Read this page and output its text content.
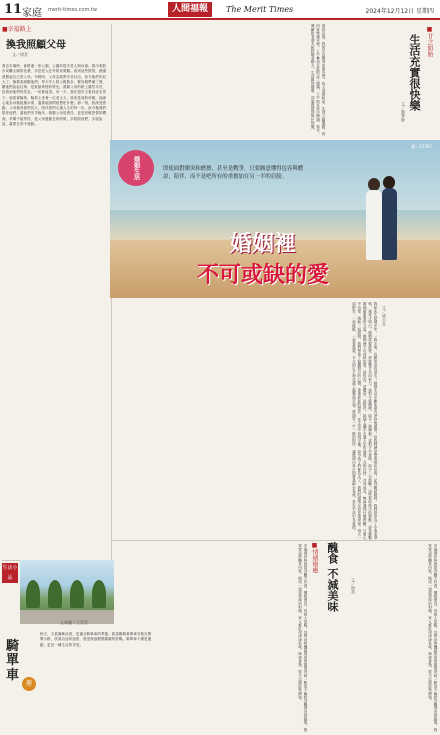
11 家庭 merit-times.com.tw	人間福報	The Merit Times	2024年12月12日 星期四
■幸福路上
換我照顧父母
文／徐美
我去市場時，會路過一家公園，公園有很多老人與孩童。推出來散步或曬太陽的長輩，多是老人在旁陪伴照顧。看到這些情景，總讓我想起自己的父母。年輕時，父母為我們辛苦付出，如今他們年紀大了，換我來照顧他們。每天早上陪父親散步，幫母親準備三餐，聽他們說起往事，是我最珍惜的時光。照顧父母的路上雖然辛苦，但看到他們的笑容，一切都值得。有一天，我在超市又看到這名男子，他推著輪椅，輪椅上坐著一位老太太，原來是他的母親。他細心地為母親挑選水果，溫柔地詢問她想吃什麼。那一刻，我深受感動。父母養育我們長大，陪伴我們走過人生的每一步，而今換我們陪伴他們，讓他們安享晚年。照顧父母是責任，更是回報恩情的機會。孝順不能等待，趁父母還健在的時候，多陪陪他們，多說說話，讓愛在家中流動。
■甘之如飴
生活充實很快樂
文／劉華修
退休以後，我的生活變得更加充實。每天清晨起床，先到公園運動，再回家準備早餐。上午參加社區的志工服務，下午則在家中閱讀、寫字，偶爾和老朋友相約喝茶聊天。生活雖然簡單，卻讓我感到無比快樂。
圖／123RF
婚姻生活	即使面對衝突和磨擦，甚至是戰爭，只要願意懂得包容與體諒，陪伴、而不是吧所有的重擔加在另一半的肩膀。
婚姻裡
不可或缺的愛
我和先生結婚多年，一路走來，有歡笑也有淚水。婚姻生活中難免會有爭吵與磨擦，但我們總是學著彼此包容。記得剛結婚時，我們常常為了小事而爭執，後來才明白，婚姻需要經營，需要雙方共同努力。當對方疲憊時，給予一個擁抱；當對方失意時，給予一句鼓勵。這些看似微小的舉動，卻是維繫婚姻最重要的力量。婚姻裡不可或缺的愛，是包容、是體諒、是陪伴。兩個人攜手走過人生的風雨，互相扶持，共同成長。無論遇到什麼困難，只要心中有愛，就能一起面對。我們學會了傾聽對方的心聲，尊重彼此的想法，在生活中找到平衡。如今孩子們都長大了，我們的感情反而更加深厚。每天一起散步、一起做飯、一起看電視，平凡的日子裡充滿了溫馨與幸福。感謝另一半一路的陪伴，讓我明白真正的愛是細水長流，是在平淡中見真情。	文／梁小芬
生活小品
文與圖／王美雲
騎
單
車
趣
秋天，天氣漸漸涼爽，是適合騎單車的季節。我喜歡騎著單車穿梭在鄉間小路，欣賞沿途的風景，感受微風輕拂臉龐的舒暢。騎單車不僅是運動，更是一種生活的享受。	市場裡有些蔬果外觀不好看，價格便宜，常被人忽略。其實這些醜蔬果的營養與美味一點也不輸給外觀漂亮的蔬果。我常買這些醜食回家，做成一道道美味的料理，家人都吃得津津有味。珍惜食物，從不以貌取物開始。	■情緒療癒 醜食 不減美味	文／阿英	市場裡有些蔬果外觀不好看，價格便宜，常被人忽略。其實這些醜蔬果的營養與美味一點也不輸給外觀漂亮的蔬果。我常買這些醜食回家，做成一道道美味的料理，家人都吃得津津有味。珍惜食物，從不以貌取物開始。
